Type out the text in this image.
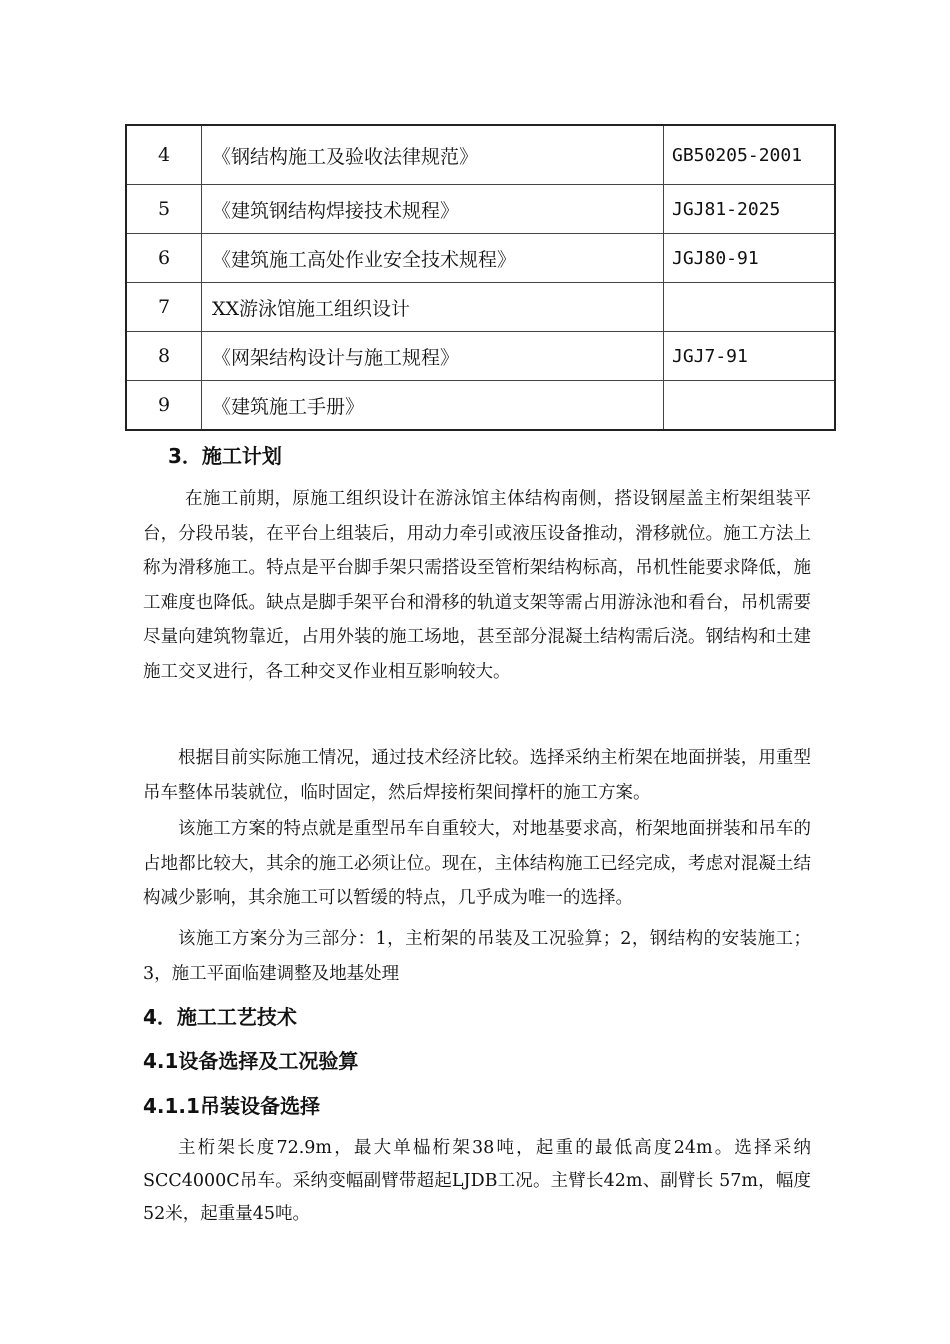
4	《钢结构施工及验收法律规范》	GB50205-2001
5	《建筑钢结构焊接技术规程》	JGJ81-2025
6	《建筑施工高处作业安全技术规程》	JGJ80-91
7	XX游泳馆施工组织设计	
8	《网架结构设计与施工规程》	JGJ7-91
9	《建筑施工手册》	
3．施工计划

在施工前期，原施工组织设计在游泳馆主体结构南侧，搭设钢屋盖主桁架组装平台，分段吊装，在平台上组装后，用动力牵引或液压设备推动，滑移就位。施工方法上称为滑移施工。特点是平台脚手架只需搭设至管桁架结构标高，吊机性能要求降低，施工难度也降低。缺点是脚手架平台和滑移的轨道支架等需占用游泳池和看台，吊机需要尽量向建筑物靠近，占用外装的施工场地，甚至部分混凝土结构需后浇。钢结构和土建施工交叉进行，各工种交叉作业相互影响较大。

根据目前实际施工情况，通过技术经济比较。选择采纳主桁架在地面拼装，用重型吊车整体吊装就位，临时固定，然后焊接桁架间撑杆的施工方案。

该施工方案的特点就是重型吊车自重较大，对地基要求高，桁架地面拼装和吊车的占地都比较大，其余的施工必须让位。现在，主体结构施工已经完成，考虑对混凝土结构减少影响，其余施工可以暂缓的特点，几乎成为唯一的选择。

该施工方案分为三部分：1，主桁架的吊装及工况验算；2，钢结构的安装施工；3，施工平面临建调整及地基处理

4．施工工艺技术
4.1设备选择及工况验算
4.1.1吊装设备选择

主桁架长度72.9m，最大单榀桁架38吨，起重的最低高度24m。选择采纳SCC4000C吊车。采纳变幅副臂带超起LJDB工况。主臂长42m、副臂长 57m，幅度52米，起重量45吨。
